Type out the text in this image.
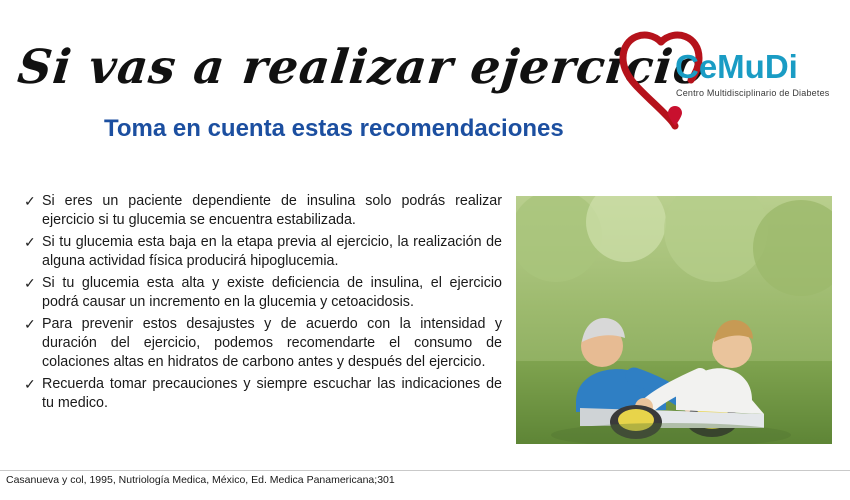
Si vas a realizar ejercicio
Toma en cuenta estas recomendaciones
CeMuDi
Centro Multidisciplinario de Diabetes
✓ Si eres un paciente dependiente de insulina solo podrás realizar ejercicio si tu glucemia se encuentra estabilizada.
✓ Si tu glucemia esta baja en la etapa previa al ejercicio, la realización de alguna actividad física producirá hipoglucemia.
✓ Si tu glucemia esta alta y existe deficiencia de insulina, el ejercicio podrá causar un incremento en la glucemia y cetoacidosis.
✓ Para prevenir estos desajustes y de acuerdo con la intensidad y duración del ejercicio, podemos recomendarte el consumo de colaciones altas en hidratos de carbono antes y después del ejercicio.
✓ Recuerda tomar precauciones y siempre escuchar las indicaciones de tu medico.
Casanueva y col, 1995, Nutriología Medica, México, Ed. Medica Panamericana;301
